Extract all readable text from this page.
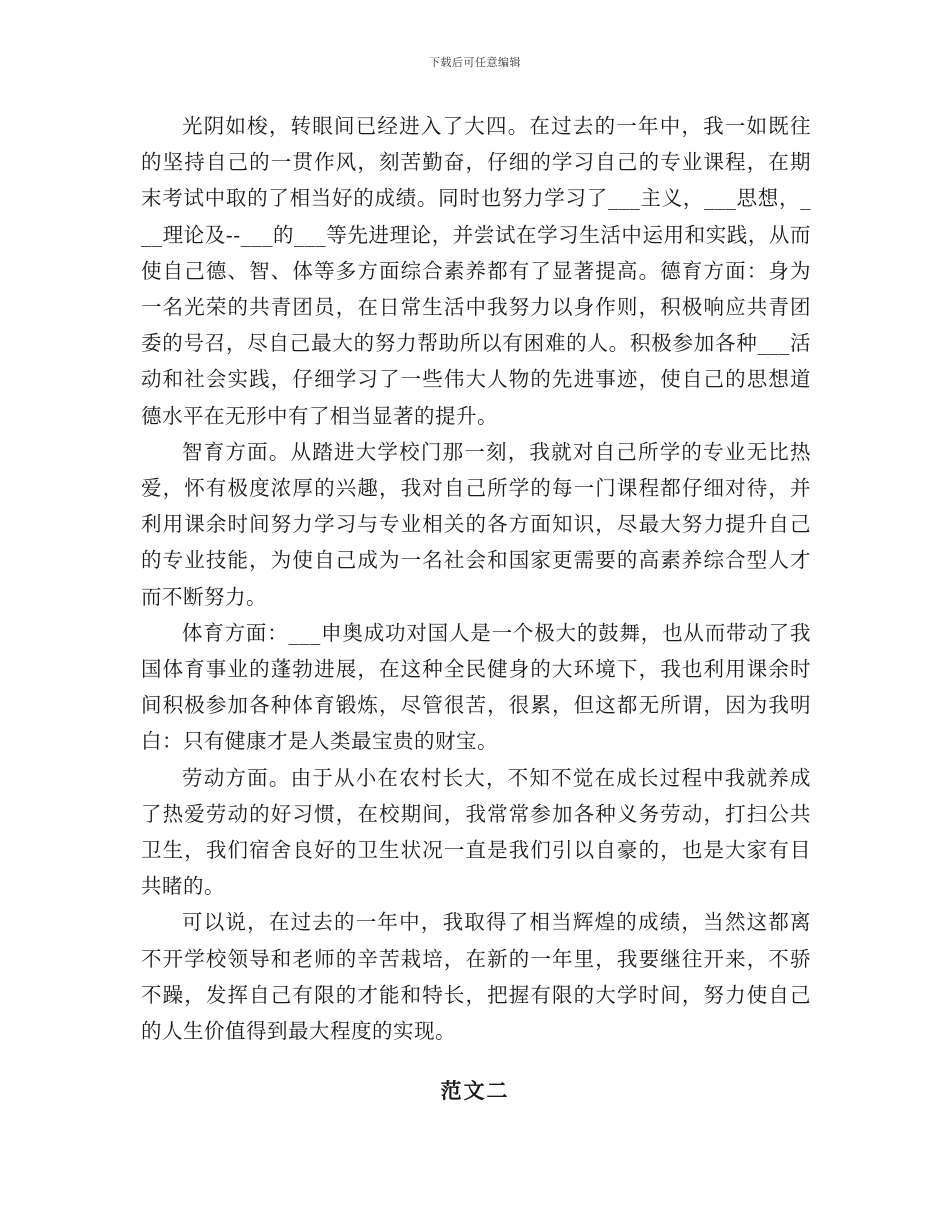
下载后可任意编辑

光阴如梭，转眼间已经进入了大四。在过去的一年中，我一如既往的坚持自己的一贯作风，刻苦勤奋，仔细的学习自己的专业课程，在期末考试中取的了相当好的成绩。同时也努力学习了___主义，___思想，___理论及--___的___等先进理论，并尝试在学习生活中运用和实践，从而使自己德、智、体等多方面综合素养都有了显著提高。德育方面：身为一名光荣的共青团员，在日常生活中我努力以身作则，积极响应共青团委的号召，尽自己最大的努力帮助所以有困难的人。积极参加各种___活动和社会实践，仔细学习了一些伟大人物的先进事迹，使自己的思想道德水平在无形中有了相当显著的提升。

智育方面。从踏进大学校门那一刻，我就对自己所学的专业无比热爱，怀有极度浓厚的兴趣，我对自己所学的每一门课程都仔细对待，并利用课余时间努力学习与专业相关的各方面知识，尽最大努力提升自己的专业技能，为使自己成为一名社会和国家更需要的高素养综合型人才而不断努力。

体育方面：___申奥成功对国人是一个极大的鼓舞，也从而带动了我国体育事业的蓬勃进展，在这种全民健身的大环境下，我也利用课余时间积极参加各种体育锻炼，尽管很苦，很累，但这都无所谓，因为我明白：只有健康才是人类最宝贵的财宝。

劳动方面。由于从小在农村长大，不知不觉在成长过程中我就养成了热爱劳动的好习惯，在校期间，我常常参加各种义务劳动，打扫公共卫生，我们宿舍良好的卫生状况一直是我们引以自豪的，也是大家有目共睹的。

可以说，在过去的一年中，我取得了相当辉煌的成绩，当然这都离不开学校领导和老师的辛苦栽培，在新的一年里，我要继往开来，不骄不躁，发挥自己有限的才能和特长，把握有限的大学时间，努力使自己的人生价值得到最大程度的实现。

范文二
